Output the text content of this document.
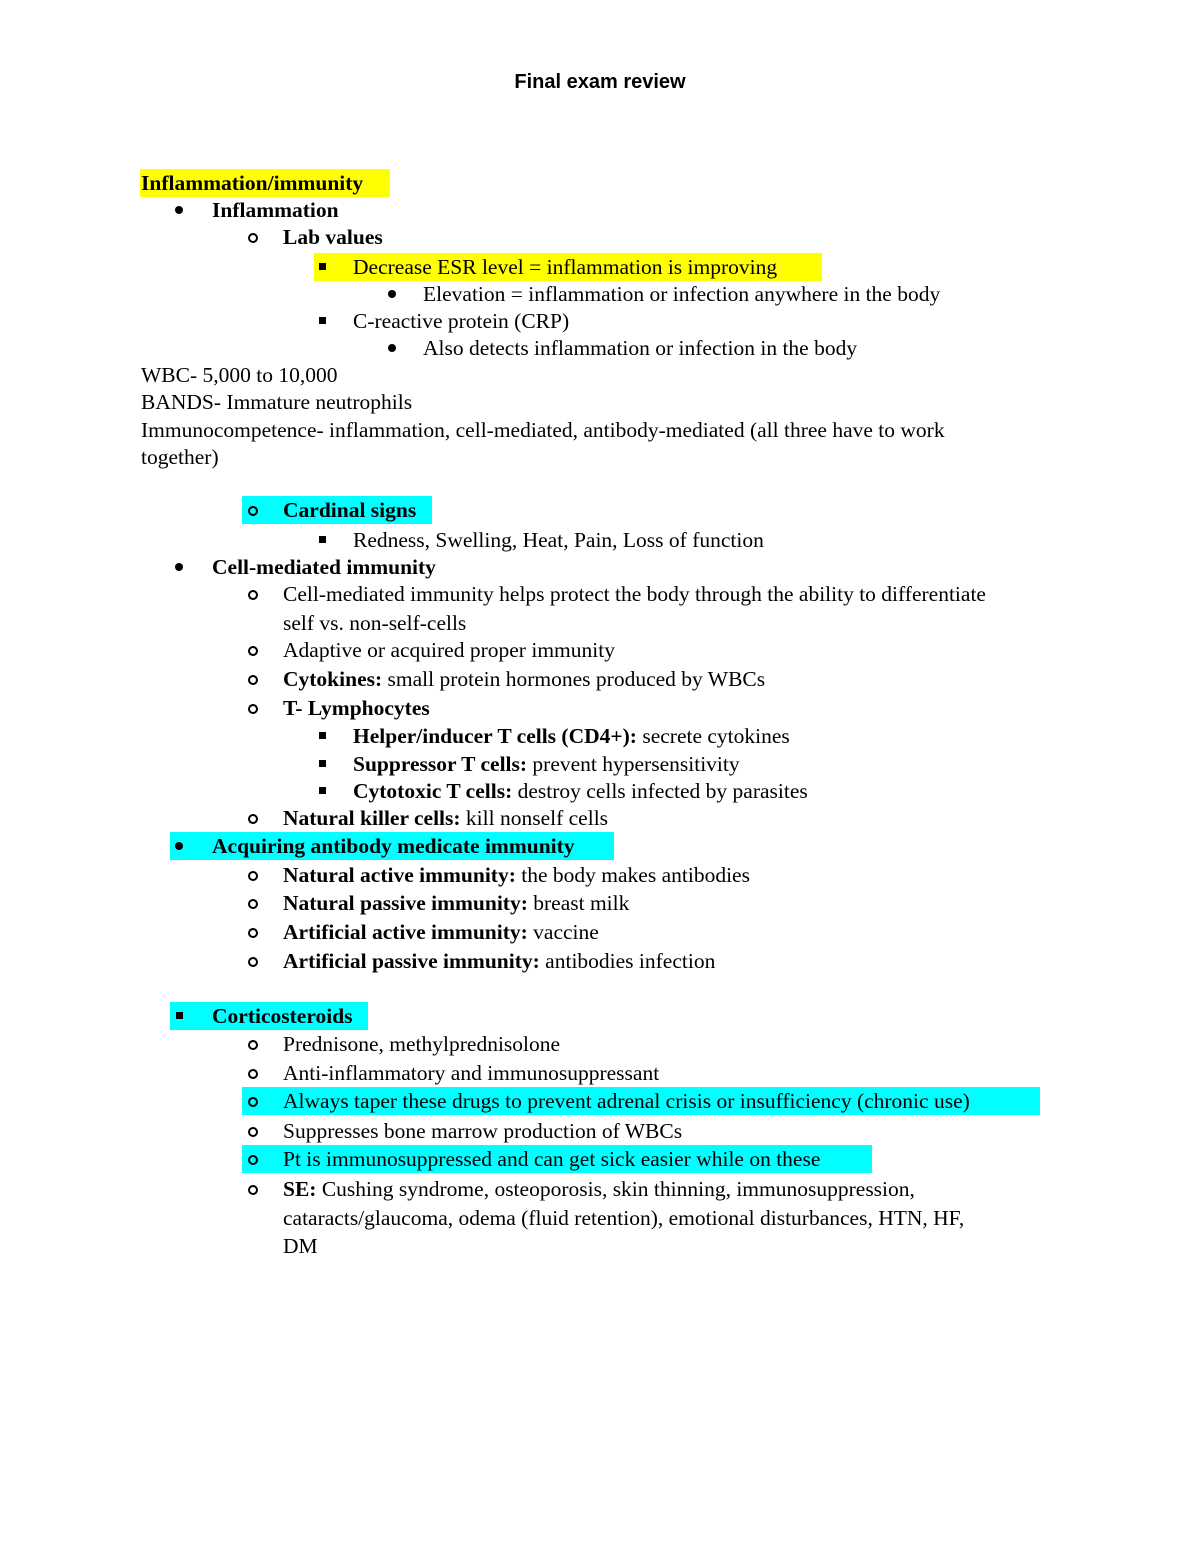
Final exam review
Inflammation/immunity
Inflammation
Lab values
Decrease ESR level = inflammation is improving
Elevation = inflammation or infection anywhere in the body
C-reactive protein (CRP)
Also detects inflammation or infection in the body
WBC- 5,000 to 10,000
BANDS- Immature neutrophils
Immunocompetence- inflammation, cell-mediated, antibody-mediated (all three have to work
together)
Cardinal signs
Redness, Swelling, Heat, Pain, Loss of function
Cell-mediated immunity
Cell-mediated immunity helps protect the body through the ability to differentiate
self vs. non-self-cells
Adaptive or acquired proper immunity
Cytokines: small protein hormones produced by WBCs
T- Lymphocytes
Helper/inducer T cells (CD4+): secrete cytokines
Suppressor T cells: prevent hypersensitivity
Cytotoxic T cells: destroy cells infected by parasites
Natural killer cells: kill nonself cells
Acquiring antibody medicate immunity
Natural active immunity: the body makes antibodies
Natural passive immunity: breast milk
Artificial active immunity: vaccine
Artificial passive immunity: antibodies infection
Corticosteroids
Prednisone, methylprednisolone
Anti-inflammatory and immunosuppressant
Always taper these drugs to prevent adrenal crisis or insufficiency (chronic use)
Suppresses bone marrow production of WBCs
Pt is immunosuppressed and can get sick easier while on these
SE: Cushing syndrome, osteoporosis, skin thinning, immunosuppression,
cataracts/glaucoma, odema (fluid retention), emotional disturbances, HTN, HF,
DM
